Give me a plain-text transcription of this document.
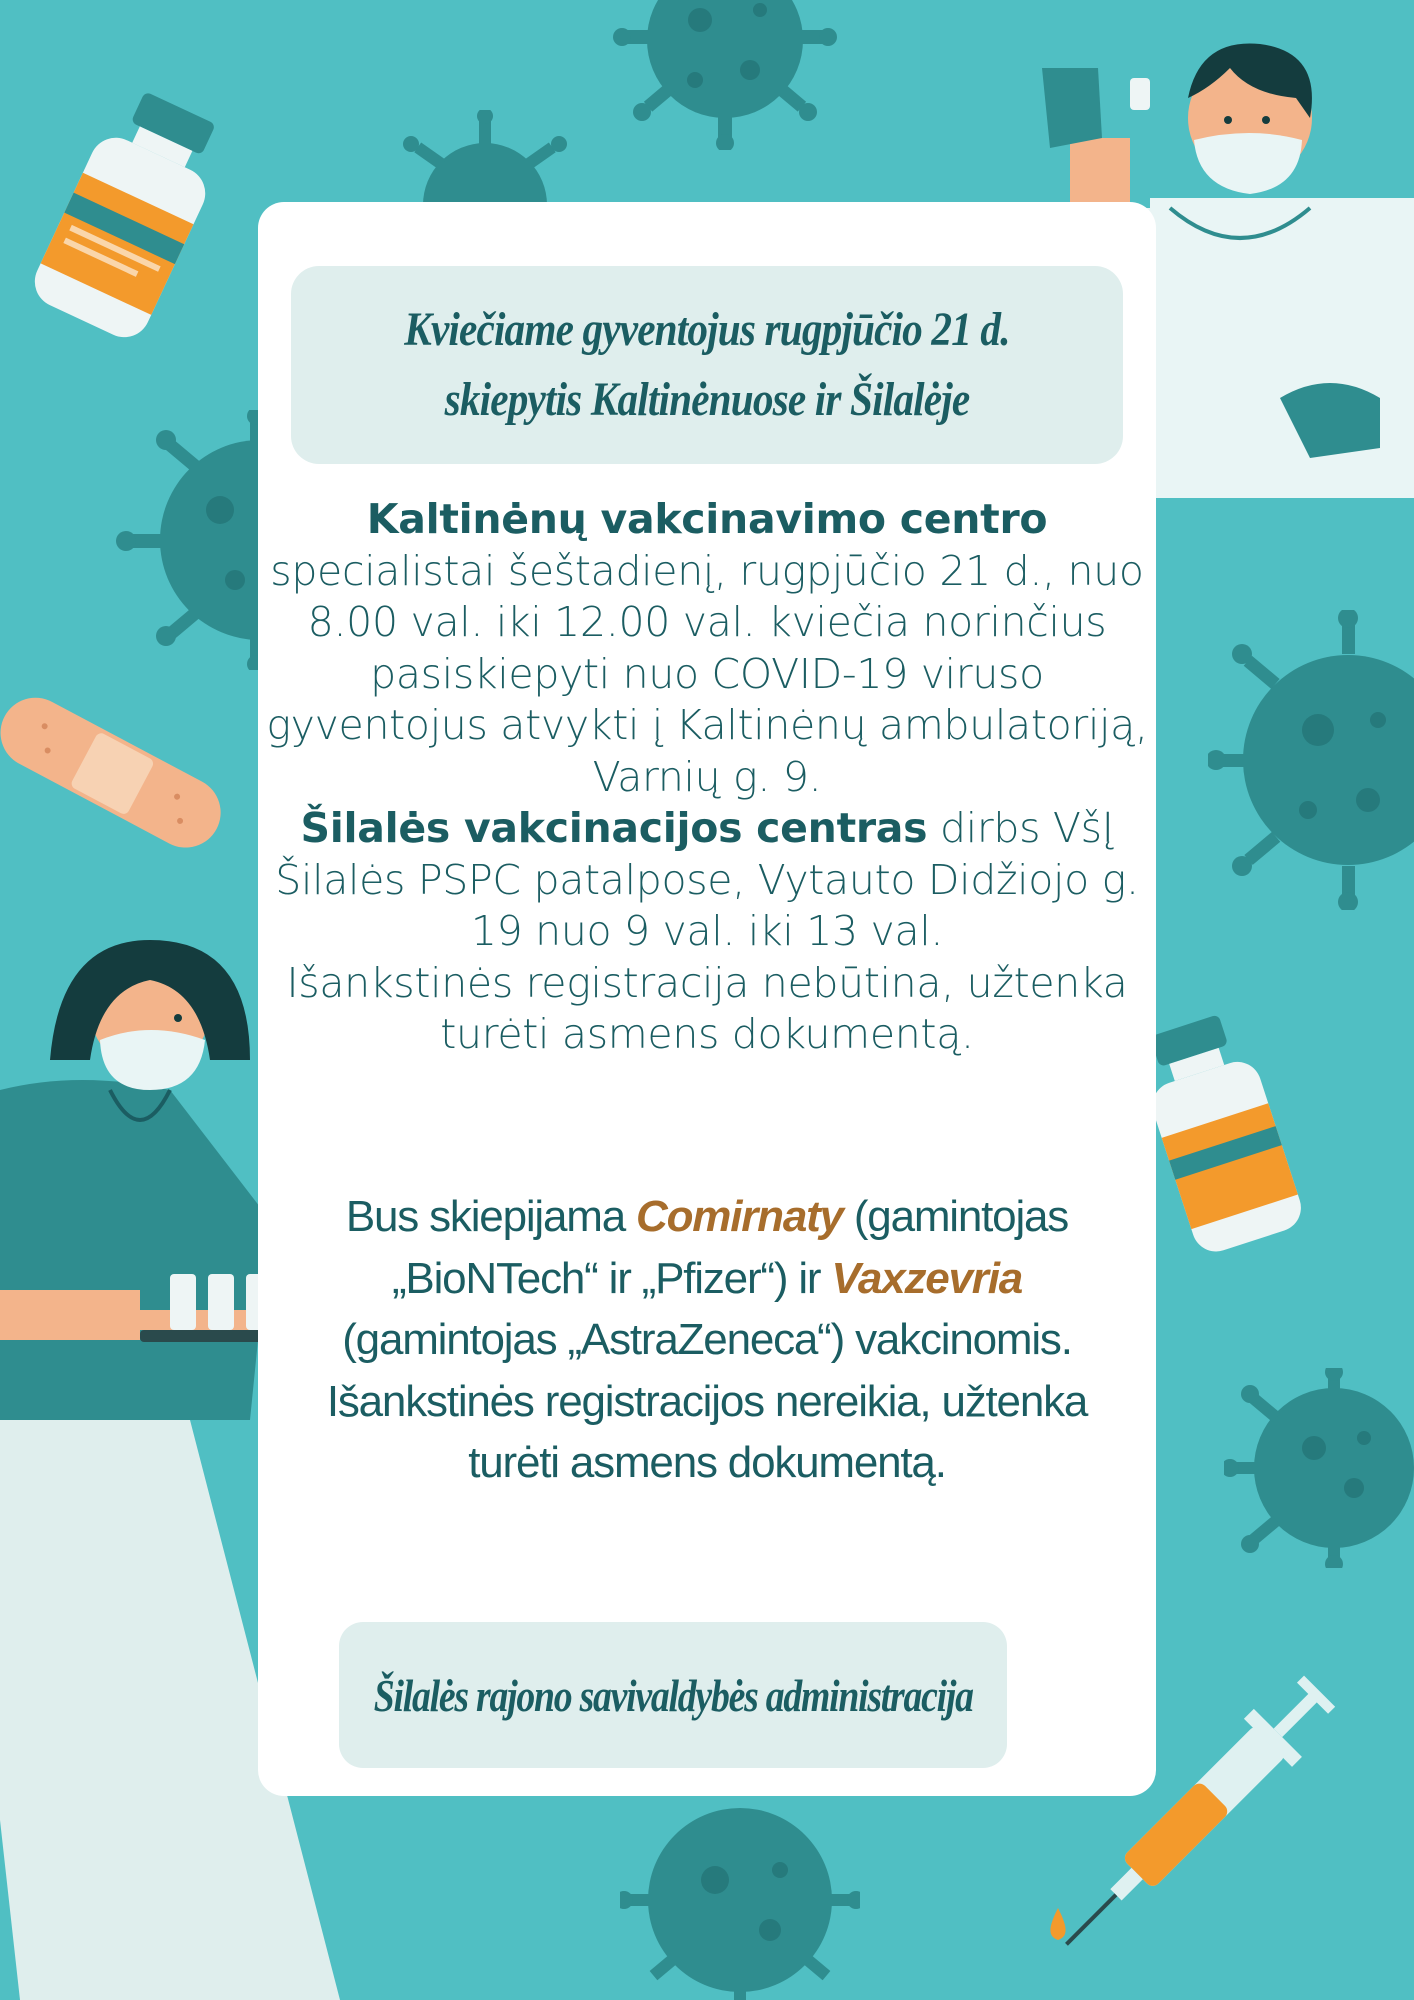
Kviečiame gyventojus rugpjūčio 21 d.
skiepytis Kaltinėnuose ir Šilalėje

Kaltinėnų vakcinavimo centro
specialistai šeštadienį, rugpjūčio 21 d., nuo 8.00 val. iki 12.00 val. kviečia norinčius pasiskiepyti nuo COVID-19 viruso gyventojus atvykti į Kaltinėnų ambulatoriją, Varnių g. 9.

Šilalės vakcinacijos centras dirbs VšĮ Šilalės PSPC patalpose, Vytauto Didžiojo g. 19 nuo 9 val. iki 13 val.

Išankstinės registracija nebūtina, užtenka turėti asmens dokumentą.

Bus skiepijama Comirnaty (gamintojas „BioNTech“ ir „Pfizer“) ir Vaxzevria (gamintojas „AstraZeneca“) vakcinomis. Išankstinės registracijos nereikia, užtenka turėti asmens dokumentą.

Šilalės rajono savivaldybės administracija
